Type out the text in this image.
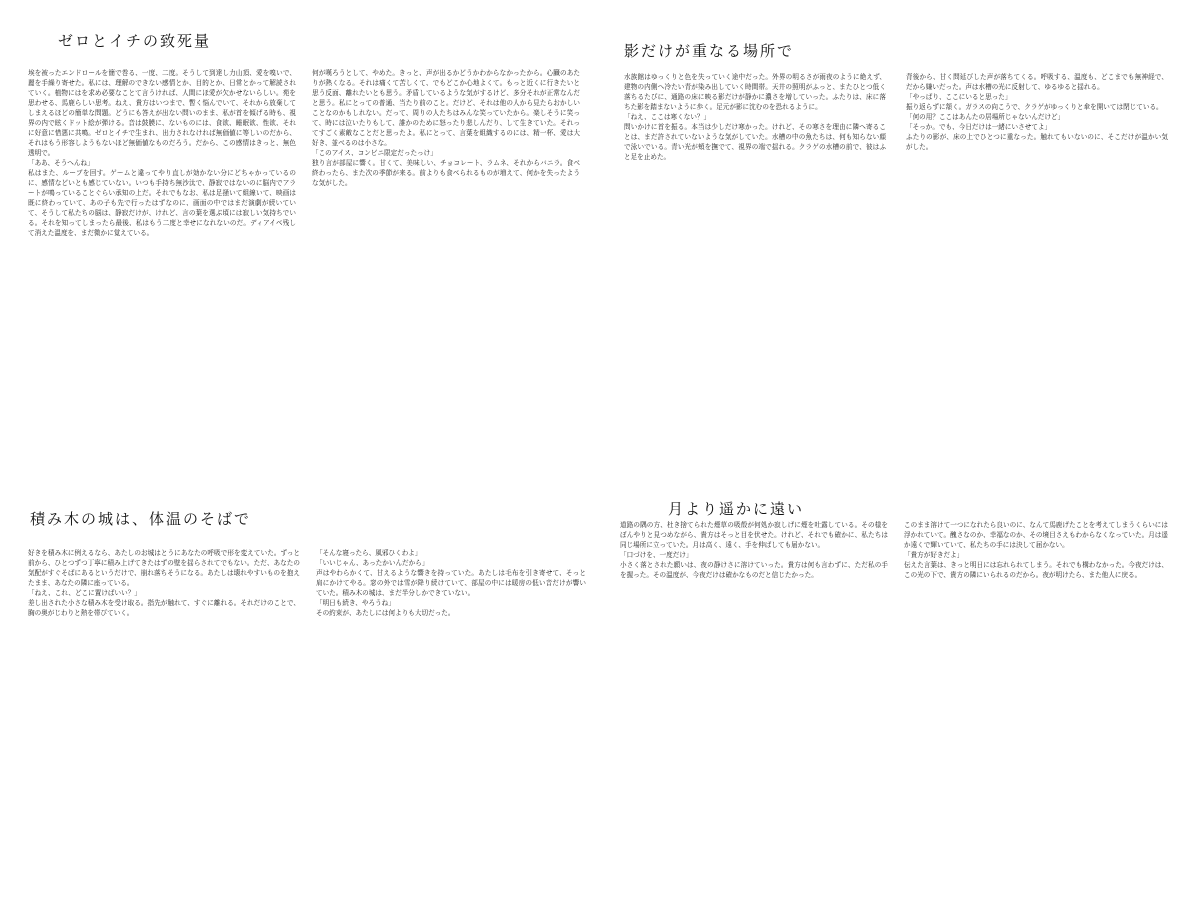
ゼロとイチの致死量

埃を被ったエンドロールを簡で巻る、一度、二度。そうして到達し力山頂、愛を嗅いで、麗を手繰り寄せた。私には、理解のできない感情とか、目的とか、日常とかって解読されていく。植物にはを求め必要なことて言うければ、人間にほ愛が欠かせないらしい。苑を思わせる、馬鹿らしい思考。ねえ、貴方はいつまで、暫く悩んでいて、それから放棄してしまえるほどの簡単な問題。どうにも答えが出ない問いのまま、私が首を傾げる時も、視界の内で眩くドット絵が弾ける。音は鼓膜に、ないものには、食欲、睡眠欲、性欲、それに好意に惜悪に共鳴。ゼロとイチで生まれ、出力されなければ無価値に等しいのだから、それはもう形容しようもないほど無価値なものだろう。だから、この感情はきっと、無色透明で。
「ああ、そうへんね」
私はまた、ルーブを回す。ゲームと違ってやり直しが効かない分にどちゃかっているのに、感情などいとも感じていない。いつも手持ち無沙汰で、静寂ではないのに脳内でアラートが鳴っていることぐらい承知の上だ。それでもなお、私は足掻いて組線いて、映画は既に終わっていて、あの子も先で行ったはずなのに、画面の中ではまだ演劇が続いていて、そうして私たちの脳は、静寂だけが、けれど、言の葉を選ぶ頃には寂しい気持ちでいる。それを知ってしまったら最後、私はもう二度と幸せになれないのだ。ディアイベ残して消えた温度を、まだ微かに覚えている。

何が嘆ろうとして、やめた。きっと、声が出るかどうかわからなかったから。心臓のあたりが熱くなる。それは痛くて苦しくて、でもどこか心地よくて。もっと近くに行きたいと思う反面、離れたいとも思う。矛盾しているような気がするけど、多分それが正常なんだと思う。私にとっての普通、当たり前のこと。だけど、それは他の人から見たらおかしいことなのかもしれない。だって、周りの人たちはみんな笑っていたから。楽しそうに笑って、時には泣いたりもして、誰かのために怒ったり悲しんだり、して生きていた。それってすごく素敵なことだと思ったよ。私にとって、言葉を組織するのには、精一杯、愛は大好き、並べるのは小さな。
「このアイス、コンビニ限定だったっけ」
独り言が部屋に響く。甘くて、美味しい、チョコレート、ラムネ、それからバニラ。食べ終わったら、また次の季節が来る。前よりも食べられるものが増えて、何かを失ったような気がした。

影だけが重なる場所で

水族館はゆっくりと色を失っていく途中だった。外界の明るさが雨夜のように絶えず、建物の内側へ冷たい青が染み出していく時間帯。天井の照明がふっと、またひとつ低く落ちるたびに、通路の床に映る影だけが静かに濃さを増していった。ふたりは、床に落ちた影を踏まないように歩く。足元が影に沈むのを恐れるように。
「ねえ、ここは寒くない？」
問いかけに首を振る。本当は少しだけ寒かった。けれど、その寒さを理由に隣へ寄ることは、まだ許されていないような気がしていた。水槽の中の魚たちは、何も知らない顔で泳いでいる。青い光が頬を撫でて、視界の端で揺れる。クラゲの水槽の前で、彼はふと足を止めた。

背後から、甘く問延びした声が落ちてくる。呼吸する、温度も、どこまでも無神経で、だから嫌いだった。声は水槽の光に反射して、ゆるゆると揺れる。
「やっぱり、ここにいると思った」
振り返らずに頷く。ガラスの向こうで、クラゲがゆっくりと傘を開いては閉じている。
「何の用？ここはあんたの居場所じゃないんだけど」
「そっか。でも、今日だけは一緒にいさせてよ」
ふたりの影が、床の上でひとつに重なった。触れてもいないのに、そこだけが温かい気がした。

積み木の城は、体温のそばで

好きを積み木に例えるなら、あたしのお城はとうにあなたの呼吸で形を変えていた。ずっと前から、ひとつずつ丁寧に積み上げてきたはずの壁を揺らされてでもない。ただ、あなたの気配がすぐそばにあるというだけで、崩れ落ちそうになる。あたしは壊れやすいものを抱えたまま、あなたの隣に座っている。
「ねえ、これ、どこに置けばいい？」
差し出された小さな積み木を受け取る。指先が触れて、すぐに離れる。それだけのことで、胸の奥がじわりと熱を帯びていく。

「そんな寝ったら、風邪ひくわよ」
「いいじゃん、あったかいんだから」
声はやわらかくて、甘えるような響きを持っていた。あたしは毛布を引き寄せて、そっと肩にかけてやる。窓の外では雪が降り続けていて、部屋の中には暖房の低い音だけが響いていた。積み木の城は、まだ半分しかできていない。
「明日も続き、やろうね」
その約束が、あたしには何よりも大切だった。

月より遥かに遠い

道路の隅の方、杜き捨てられた煙草の吸殻が何処か寂しげに煙を吐露している。その様をぼんやりと見つめながら、貴方はそっと目を伏せた。けれど、それでも確かに、私たちは同じ場所に立っていた。月は高く、遠く、手を伸ばしても届かない。
「口づけを、一度だけ」
小さく落とされた願いは、夜の静けさに溶けていった。貴方は何も言わずに、ただ私の手を握った。その温度が、今夜だけは確かなものだと信じたかった。

このまま溶けて一つになれたら良いのに、なんて馬鹿げたことを考えてしまうくらいには浮かれていて。醜さなのか、幸福なのか、その境目さえもわからなくなっていた。月は遥か遠くで輝いていて、私たちの手には決して届かない。
「貴方が好きだよ」
伝えた言葉は、きっと明日には忘れられてしまう。それでも構わなかった。今夜だけは、この光の下で、貴方の隣にいられるのだから。夜が明けたら、また他人に戻る。
